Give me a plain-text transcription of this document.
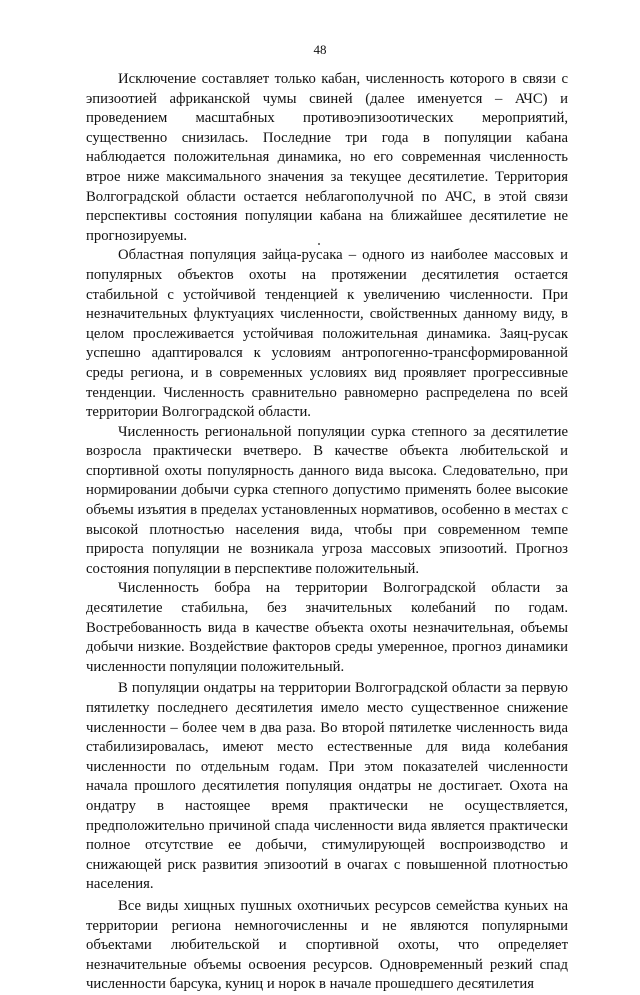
48

Исключение составляет только кабан, численность которого в связи с эпизоотией африканской чумы свиней (далее именуется – АЧС) и проведением масштабных противоэпизоотических мероприятий, существенно снизилась. Последние три года в популяции кабана наблюдается положительная динамика, но его современная численность втрое ниже максимального значения за текущее десятилетие. Территория Волгоградской области остается неблагополучной по АЧС, в этой связи перспективы состояния популяции кабана на ближайшее десятилетие не прогнозируемы.

Областная популяция зайца-русака – одного из наиболее массовых и популярных объектов охоты на протяжении десятилетия остается стабильной с устойчивой тенденцией к увеличению численности. При незначительных флуктуациях численности, свойственных данному виду, в целом прослеживается устойчивая положительная динамика. Заяц-русак успешно адаптировался к условиям антропогенно-трансформированной среды региона, и в современных условиях вид проявляет прогрессивные тенденции. Численность сравнительно равномерно распределена по всей территории Волгоградской области.

Численность региональной популяции сурка степного за десятилетие возросла практически вчетверо. В качестве объекта любительской и спортивной охоты популярность данного вида высока. Следовательно, при нормировании добычи сурка степного допустимо применять более высокие объемы изъятия в пределах установленных нормативов, особенно в местах с высокой плотностью населения вида, чтобы при современном темпе прироста популяции не возникала угроза массовых эпизоотий. Прогноз состояния популяции в перспективе положительный.

Численность бобра на территории Волгоградской области за десятилетие стабильна, без значительных колебаний по годам. Востребованность вида в качестве объекта охоты незначительная, объемы добычи низкие. Воздействие факторов среды умеренное, прогноз динамики численности популяции положительный.

В популяции ондатры на территории Волгоградской области за первую пятилетку последнего десятилетия имело место существенное снижение численности – более чем в два раза. Во второй пятилетке численность вида стабилизировалась, имеют место естественные для вида колебания численности по отдельным годам. При этом показателей численности начала прошлого десятилетия популяция ондатры не достигает. Охота на ондатру в настоящее время практически не осуществляется, предположительно причиной спада численности вида является практически полное отсутствие ее добычи, стимулирующей воспроизводство и снижающей риск развития эпизоотий в очагах с повышенной плотностью населения.

Все виды хищных пушных охотничьих ресурсов семейства куньих на территории региона немногочисленны и не являются популярными объектами любительской и спортивной охоты, что определяет незначительные объемы освоения ресурсов. Одновременный резкий спад численности барсука, куниц и норок в начале прошедшего десятилетия
